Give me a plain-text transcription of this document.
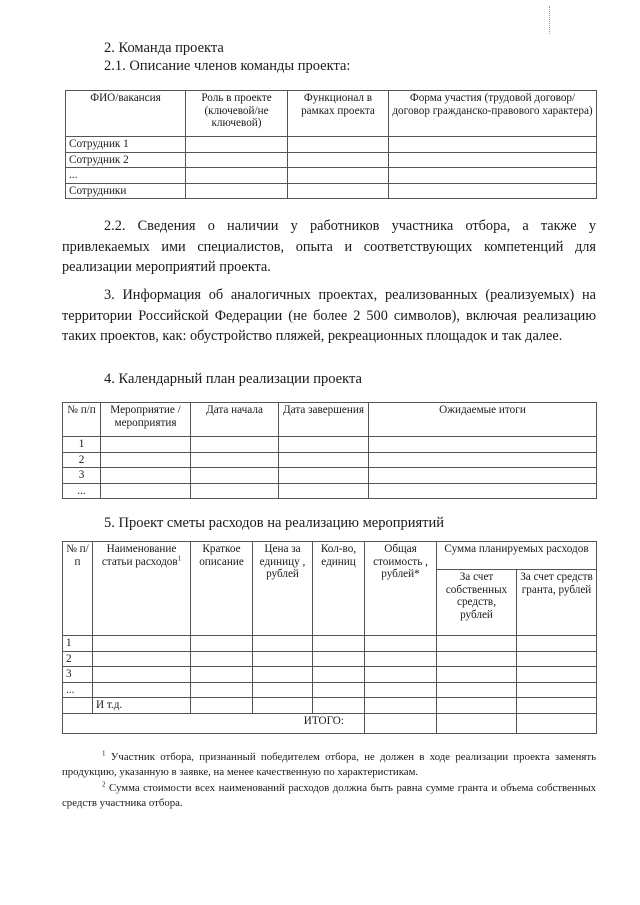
2. Команда проекта
2.1. Описание членов команды проекта:
ФИО/вакансия	Роль в проекте (ключевой/не ключевой)	Функционал в рамках проекта	Форма участия (трудовой договор/договор гражданско-правового характера)
Сотрудник 1			
Сотрудник 2			
...			
Сотрудники			
2.2. Сведения о наличии у работников участника отбора, а также у привлекаемых ими специалистов, опыта и соответствующих компетенций для реализации мероприятий проекта.
3. Информация об аналогичных проектах, реализованных (реализуемых) на территории Российской Федерации (не более 2 500 символов), включая реализацию таких проектов, как: обустройство пляжей, рекреационных площадок и так далее.
4. Календарный план реализации проекта
№ п/п	Мероприятие /мероприятия	Дата начала	Дата завершения	Ожидаемые итоги
1				
2				
3				
...				
5. Проект сметы расходов на реализацию мероприятий
№ п/п	Наименование статьи расходов$^1$	Краткое описание	Цена за единицу , рублей	Кол-во, единиц	Общая стоимость , рублей*	Сумма планируемых расходов	
						За счет собственных средств, рублей	За счет средств гранта, рублей
1							
2							
3							
...							
	И т.д.						
ИТОГО:							
$^1$ Участник отбора, признанный победителем отбора, не должен в ходе реализации проекта заменять продукцию, указанную в заявке, на менее качественную по характеристикам.
$^2$ Сумма стоимости всех наименований расходов должна быть равна сумме гранта и объема собственных средств участника отбора.
